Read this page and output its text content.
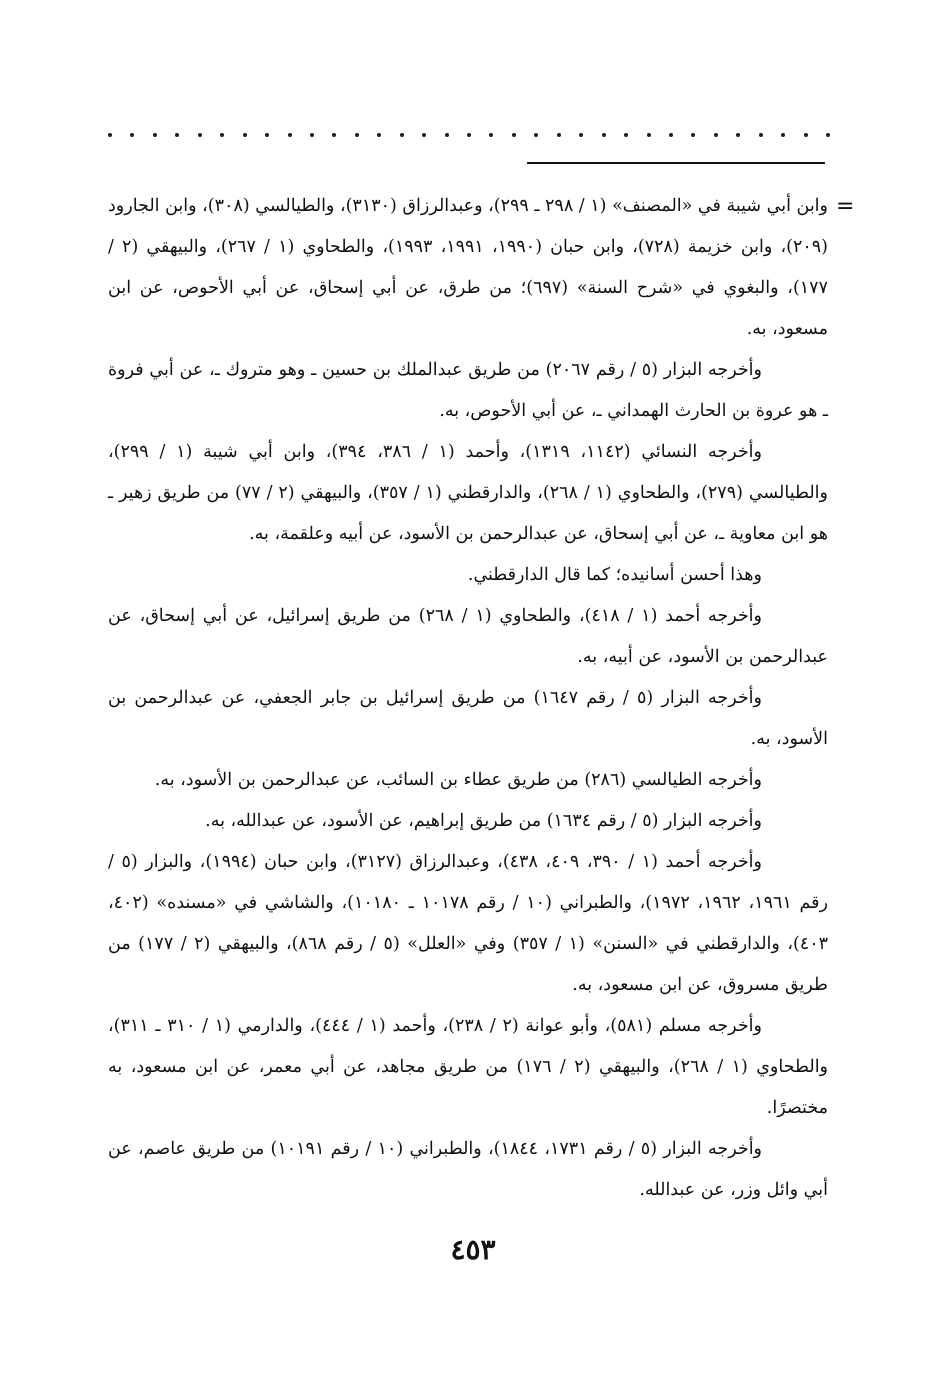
=

وابن أبي شيبة في «المصنف» (١ / ٢٩٨ ـ ٢٩٩)، وعبدالرزاق (٣١٣٠)، والطيالسي (٣٠٨)، وابن الجارود (٢٠٩)، وابن خزيمة (٧٢٨)، وابن حبان (١٩٩٠، ١٩٩١، ١٩٩٣)، والطحاوي (١ / ٢٦٧)، والبيهقي (٢ / ١٧٧)، والبغوي في «شرح السنة» (٦٩٧)؛ من طرق، عن أبي إسحاق، عن أبي الأحوص، عن ابن مسعود، به.

وأخرجه البزار (٥ / رقم ٢٠٦٧) من طريق عبدالملك بن حسين ـ وهو متروك ـ، عن أبي فروة ـ هو عروة بن الحارث الهمداني ـ، عن أبي الأحوص، به.

وأخرجه النسائي (١١٤٢، ١٣١٩)، وأحمد (١ / ٣٨٦، ٣٩٤)، وابن أبي شيبة (١ / ٢٩٩)، والطيالسي (٢٧٩)، والطحاوي (١ / ٢٦٨)، والدارقطني (١ / ٣٥٧)، والبيهقي (٢ / ٧٧) من طريق زهير ـ هو ابن معاوية ـ، عن أبي إسحاق، عن عبدالرحمن بن الأسود، عن أبيه وعلقمة، به.

وهذا أحسن أسانيده؛ كما قال الدارقطني.

وأخرجه أحمد (١ / ٤١٨)، والطحاوي (١ / ٢٦٨) من طريق إسرائيل، عن أبي إسحاق، عن عبدالرحمن بن الأسود، عن أبيه، به.

وأخرجه البزار (٥ / رقم ١٦٤٧) من طريق إسرائيل بن جابر الجعفي، عن عبدالرحمن بن الأسود، به.

وأخرجه الطيالسي (٢٨٦) من طريق عطاء بن السائب، عن عبدالرحمن بن الأسود، به.

وأخرجه البزار (٥ / رقم ١٦٣٤) من طريق إبراهيم، عن الأسود، عن عبدالله، به.

وأخرجه أحمد (١ / ٣٩٠، ٤٠٩، ٤٣٨)، وعبدالرزاق (٣١٢٧)، وابن حبان (١٩٩٤)، والبزار (٥ / رقم ١٩٦١، ١٩٦٢، ١٩٧٢)، والطبراني (١٠ / رقم ١٠١٧٨ ـ ١٠١٨٠)، والشاشي في «مسنده» (٤٠٢، ٤٠٣)، والدارقطني في «السنن» (١ / ٣٥٧) وفي «العلل» (٥ / رقم ٨٦٨)، والبيهقي (٢ / ١٧٧) من طريق مسروق، عن ابن مسعود، به.

وأخرجه مسلم (٥٨١)، وأبو عوانة (٢ / ٢٣٨)، وأحمد (١ / ٤٤٤)، والدارمي (١ / ٣١٠ ـ ٣١١)، والطحاوي (١ / ٢٦٨)، والبيهقي (٢ / ١٧٦) من طريق مجاهد، عن أبي معمر، عن ابن مسعود، به مختصرًا.

وأخرجه البزار (٥ / رقم ١٧٣١، ١٨٤٤)، والطبراني (١٠ / رقم ١٠١٩١) من طريق عاصم، عن أبي وائل وزر، عن عبدالله.

٤٥٣
